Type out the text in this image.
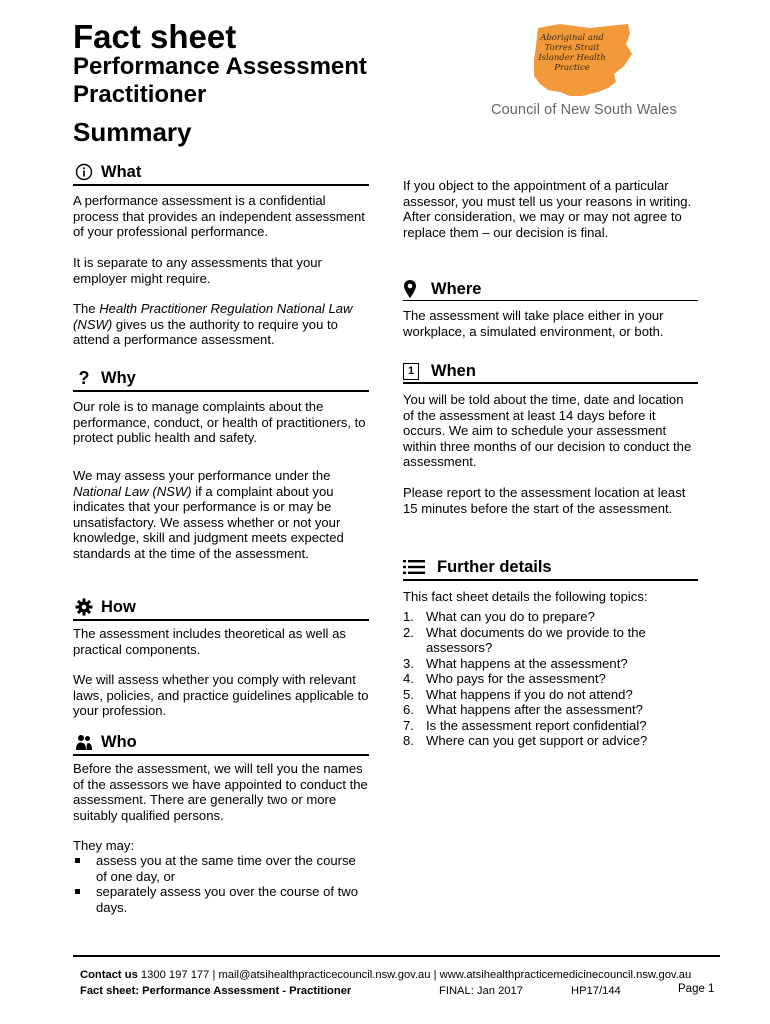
Fact sheet
Performance Assessment Practitioner
Summary
Aboriginal and
Torres Strait
Islander Health
Practice
Council of New South Wales
What

A performance assessment is a confidential process that provides an independent assessment of your professional performance.

It is separate to any assessments that your employer might require.

The Health Practitioner Regulation National Law (NSW) gives us the authority to require you to attend a performance assessment.

? Why

Our role is to manage complaints about the performance, conduct, or health of practitioners, to protect public health and safety.

We may assess your performance under the National Law (NSW) if a complaint about you indicates that your performance is or may be unsatisfactory. We assess whether or not your knowledge, skill and judgment meets expected standards at the time of the assessment.

How

The assessment includes theoretical as well as practical components.

We will assess whether you comply with relevant laws, policies, and practice guidelines applicable to your profession.

Who

Before the assessment, we will tell you the names of the assessors we have appointed to conduct the assessment. There are generally two or more suitably qualified persons.

They may:

assess you at the same time over the course of one day, or
separately assess you over the course of two days.

If you object to the appointment of a particular assessor, you must tell us your reasons in writing. After consideration, we may or may not agree to replace them – our decision is final.

Where

The assessment will take place either in your workplace, a simulated environment, or both.

1 When

You will be told about the time, date and location of the assessment at least 14 days before it occurs. We aim to schedule your assessment within three months of our decision to conduct the assessment.

Please report to the assessment location at least 15 minutes before the start of the assessment.

Further details

This fact sheet details the following topics:

1. What can you do to prepare?
2. What documents do we provide to the assessors?
3. What happens at the assessment?
4. Who pays for the assessment?
5. What happens if you do not attend?
6. What happens after the assessment?
7. Is the assessment report confidential?
8. Where can you get support or advice?
Contact us 1300 197 177 | mail@atsihealthpracticecouncil.nsw.gov.au | www.atsihealthpracticemedicinecouncil.nsw.gov.au
Fact sheet: Performance Assessment - Practitioner	FINAL: Jan 2017	HP17/144	Page 1
